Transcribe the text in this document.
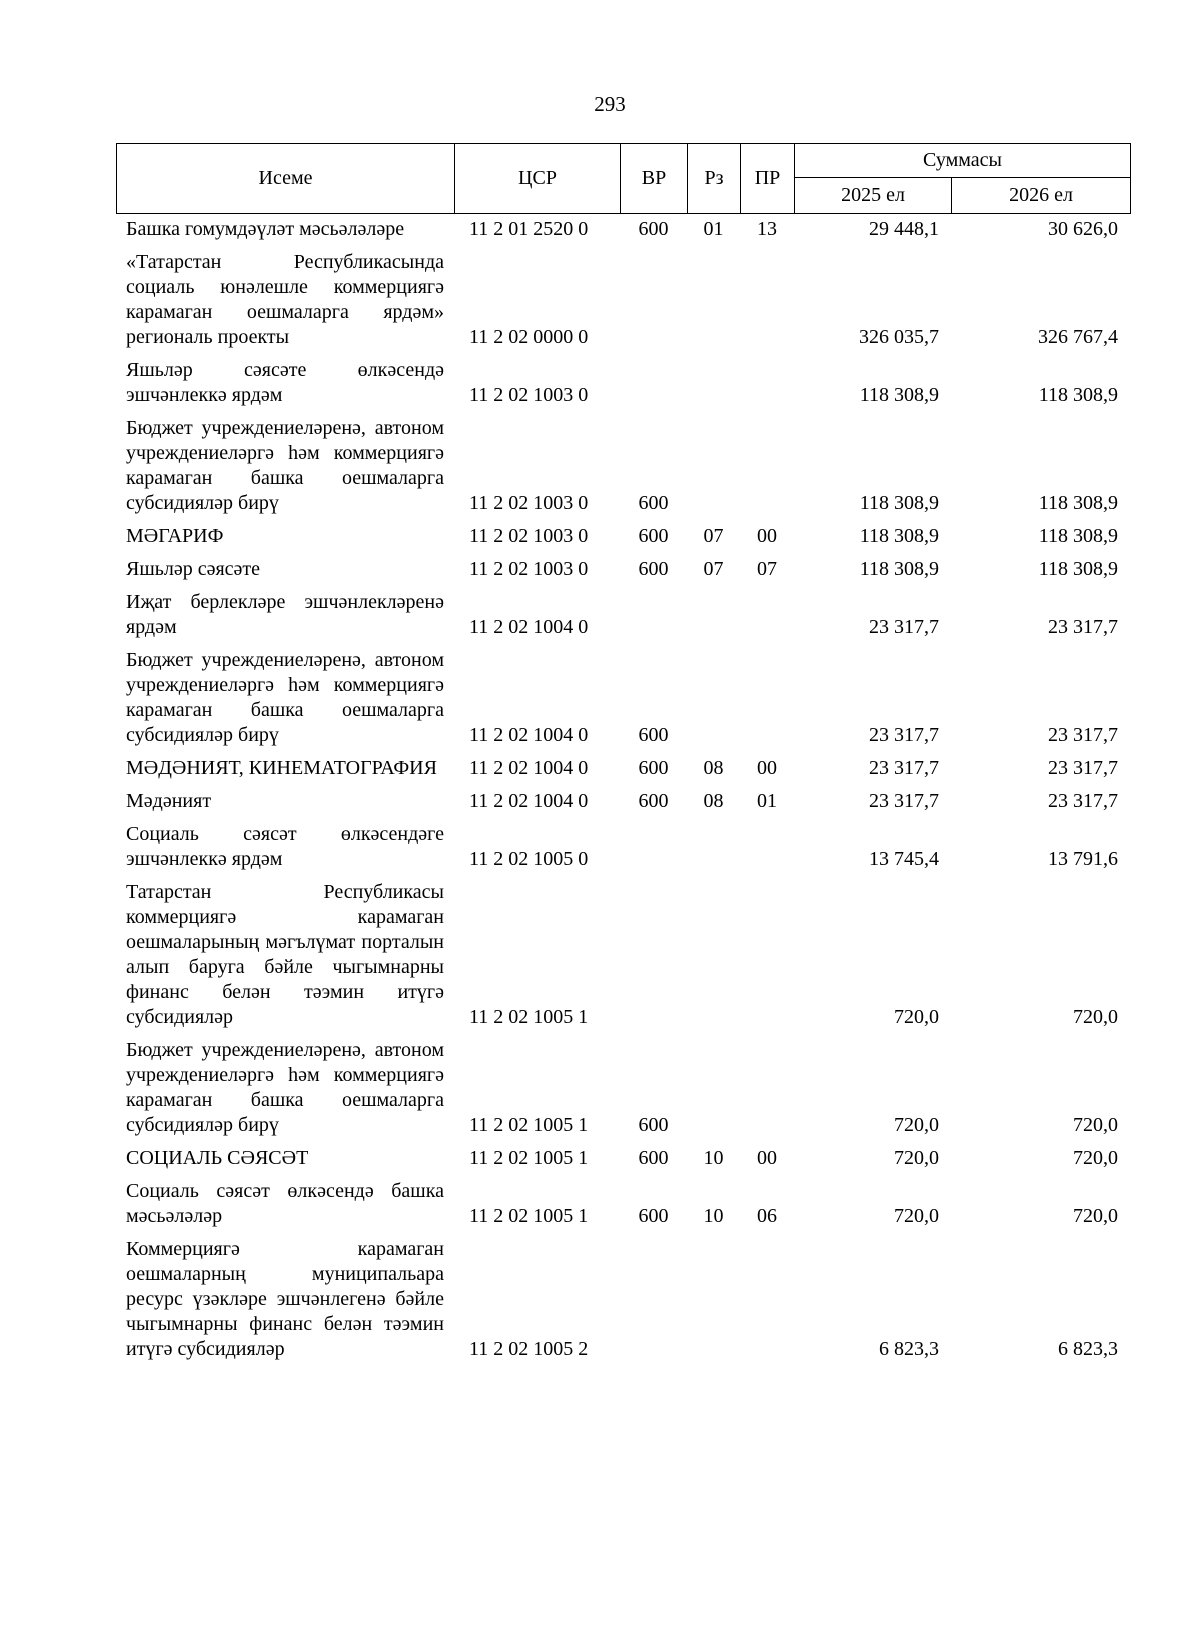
293
Исеме	ЦСР	ВР	Рз	ПР	Суммасы	
					2025 ел	2026 ел
Башка гомумдәүләт мәсьәләләре	11 2 01 2520 0	600	01	13	29 448,1	30 626,0
«Татарстан Республикасында социаль юнәлешле коммерциягә карамаган оешмаларга ярдәм» региональ проекты	11 2 02 0000 0				326 035,7	326 767,4
Яшьләр сәясәте өлкәсендә эшчәнлеккә ярдәм	11 2 02 1003 0				118 308,9	118 308,9
Бюджет учреждениеләренә, автоном учреждениеләргә һәм коммерциягә карамаган башка оешмаларга субсидияләр бирү	11 2 02 1003 0	600			118 308,9	118 308,9
МӘГАРИФ	11 2 02 1003 0	600	07	00	118 308,9	118 308,9
Яшьләр сәясәте	11 2 02 1003 0	600	07	07	118 308,9	118 308,9
Иҗат берлекләре эшчәнлекләренә ярдәм	11 2 02 1004 0				23 317,7	23 317,7
Бюджет учреждениеләренә, автоном учреждениеләргә һәм коммерциягә карамаган башка оешмаларга субсидияләр бирү	11 2 02 1004 0	600			23 317,7	23 317,7
МӘДӘНИЯТ, КИНЕМАТОГРАФИЯ	11 2 02 1004 0	600	08	00	23 317,7	23 317,7
Мәдәният	11 2 02 1004 0	600	08	01	23 317,7	23 317,7
Социаль сәясәт өлкәсендәге эшчәнлеккә ярдәм	11 2 02 1005 0				13 745,4	13 791,6
Татарстан Республикасы коммерциягә карамаган оешмаларының мәгълүмат порталын алып баруга бәйле чыгымнарны финанс белән тәэмин итүгә субсидияләр	11 2 02 1005 1				720,0	720,0
Бюджет учреждениеләренә, автоном учреждениеләргә һәм коммерциягә карамаган башка оешмаларга субсидияләр бирү	11 2 02 1005 1	600			720,0	720,0
СОЦИАЛЬ СӘЯСӘТ	11 2 02 1005 1	600	10	00	720,0	720,0
Социаль сәясәт өлкәсендә башка мәсьәләләр	11 2 02 1005 1	600	10	06	720,0	720,0
Коммерциягә карамаган оешмаларның муниципальара ресурс үзәкләре эшчәнлегенә бәйле чыгымнарны финанс белән тәэмин итүгә субсидияләр	11 2 02 1005 2				6 823,3	6 823,3
